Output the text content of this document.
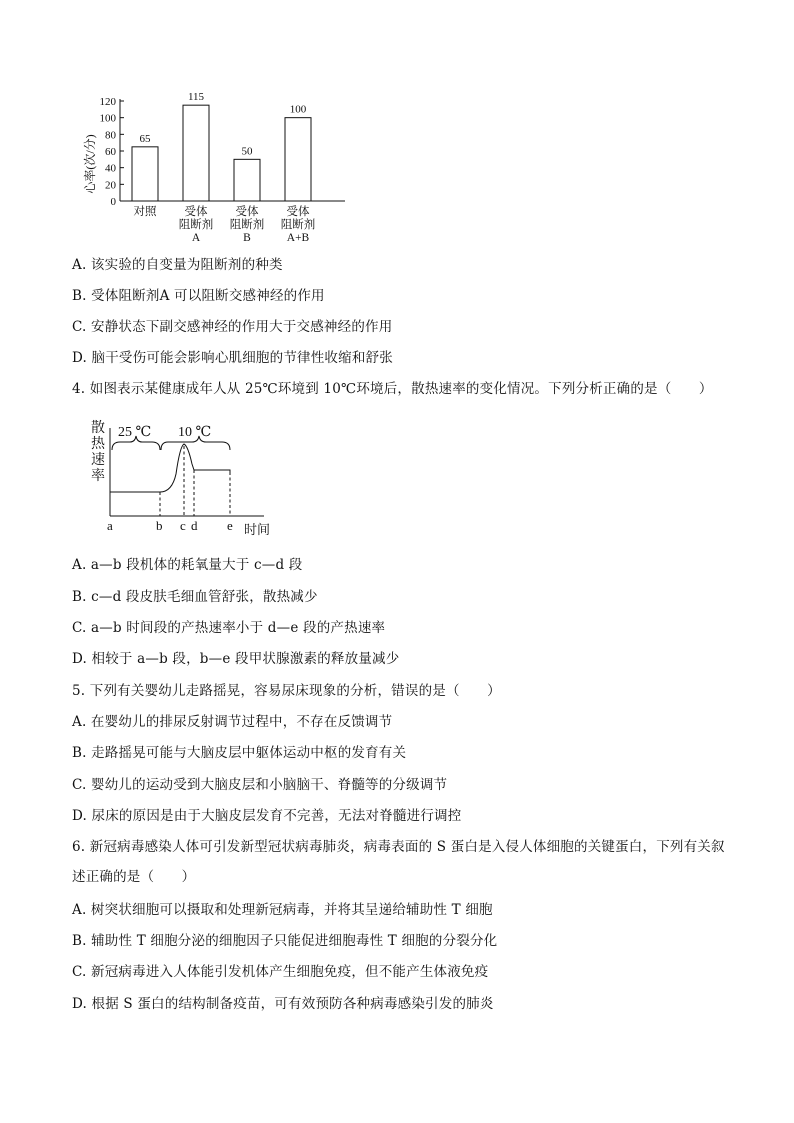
心率(次/分)
0
20
40
60
80
100
120
65
对照
115
受体
阻断剂
A
50
受体
阻断剂
B
100
受体
阻断剂
A+B
A. 该实验的自变量为阻断剂的种类
B. 受体阻断剂A 可以阻断交感神经的作用
C. 安静状态下副交感神经的作用大于交感神经的作用
D. 脑干受伤可能会影响心肌细胞的节律性收缩和舒张
4. 如图表示某健康成年人从 25℃环境到 10℃环境后，散热速率的变化情况。下列分析正确的是（　　）
散
热
速
率
25 ℃ 10 ℃
a	b c d e 时间
A. a—b 段机体的耗氧量大于 c—d 段
B. c—d 段皮肤毛细血管舒张，散热减少
C. a—b 时间段的产热速率小于 d—e 段的产热速率
D. 相较于 a—b 段，b—e 段甲状腺激素的释放量减少
5. 下列有关婴幼儿走路摇晃，容易尿床现象的分析，错误的是（　　）
A. 在婴幼儿的排尿反射调节过程中，不存在反馈调节
B. 走路摇晃可能与大脑皮层中躯体运动中枢的发育有关
C. 婴幼儿的运动受到大脑皮层和小脑脑干、脊髓等的分级调节
D. 尿床的原因是由于大脑皮层发育不完善，无法对脊髓进行调控
6. 新冠病毒感染人体可引发新型冠状病毒肺炎，病毒表面的 S 蛋白是入侵人体细胞的关键蛋白，下列有关叙述正确的是（　　）
A. 树突状细胞可以摄取和处理新冠病毒，并将其呈递给辅助性 T 细胞
B. 辅助性 T 细胞分泌的细胞因子只能促进细胞毒性 T 细胞的分裂分化
C. 新冠病毒进入人体能引发机体产生细胞免疫，但不能产生体液免疫
D. 根据 S 蛋白的结构制备疫苗，可有效预防各种病毒感染引发的肺炎
